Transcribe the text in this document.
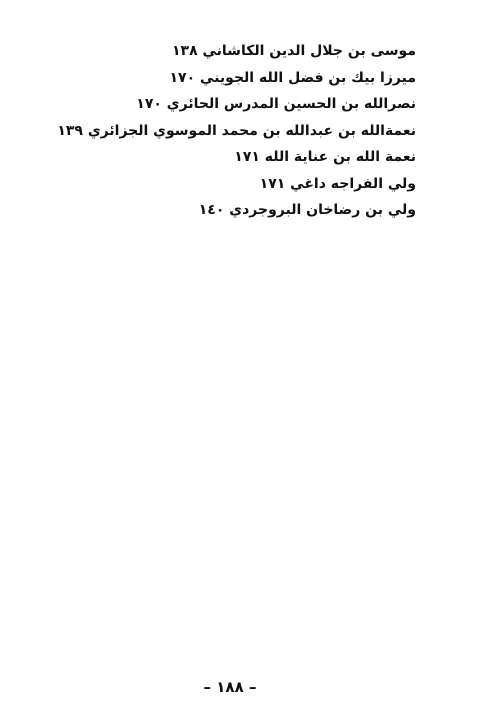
موسى بن جلال الدين الكاشاني ١٣٨
ميرزا بيك بن فضل الله الجويني ١٧٠
نصرالله بن الحسين المدرس الحائري ١٧٠
نعمةالله بن عبدالله بن محمد الموسوي الجزائري ١٣٩
نعمة الله بن عناية الله ١٧١
ولي الفراجه داغي ١٧١
ولي بن رضاخان البروجردي ١٤٠
– ١٨٨ –
